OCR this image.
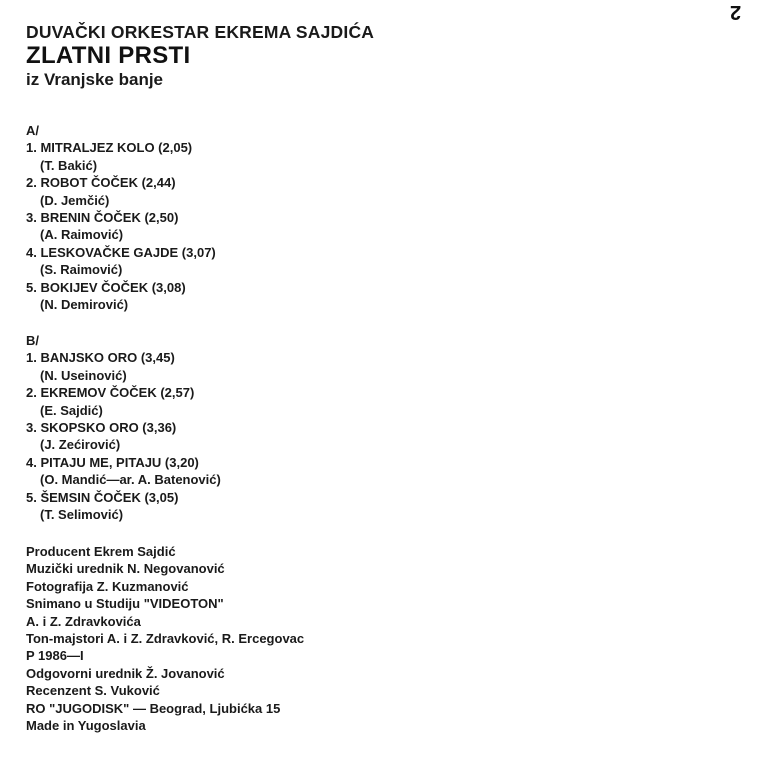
2
DUVAČKI ORKESTAR EKREMA SAJDIĆA
ZLATNI PRSTI
iz Vranjske banje
A/
1. MITRALJEZ KOLO (2,05)
(T. Bakić)
2. ROBOT ČOČEK (2,44)
(D. Jemčić)
3. BRENIN ČOČEK (2,50)
(A. Raimović)
4. LESKOVAČKE GAJDE (3,07)
(S. Raimović)
5. BOKIJEV ČOČEK (3,08)
(N. Demirović)
B/
1. BANJSKO ORO (3,45)
(N. Useinović)
2. EKREMOV ČOČEK (2,57)
(E. Sajdić)
3. SKOPSKO ORO (3,36)
(J. Zećirović)
4. PITAJU ME, PITAJU (3,20)
(O. Mandić—ar. A. Batenović)
5. ŠEMSIN ČOČEK (3,05)
(T. Selimović)
Producent Ekrem Sajdić
Muzički urednik N. Negovanović
Fotografija Z. Kuzmanović
Snimano u Studiju "VIDEOTON"
A. i Z. Zdravkovića
Ton-majstori A. i Z. Zdravković, R. Ercegovac
P 1986—I
Odgovorni urednik Ž. Jovanović
Recenzent S. Vuković
RO "JUGODISK" — Beograd, Ljubićka 15
Made in Yugoslavia
